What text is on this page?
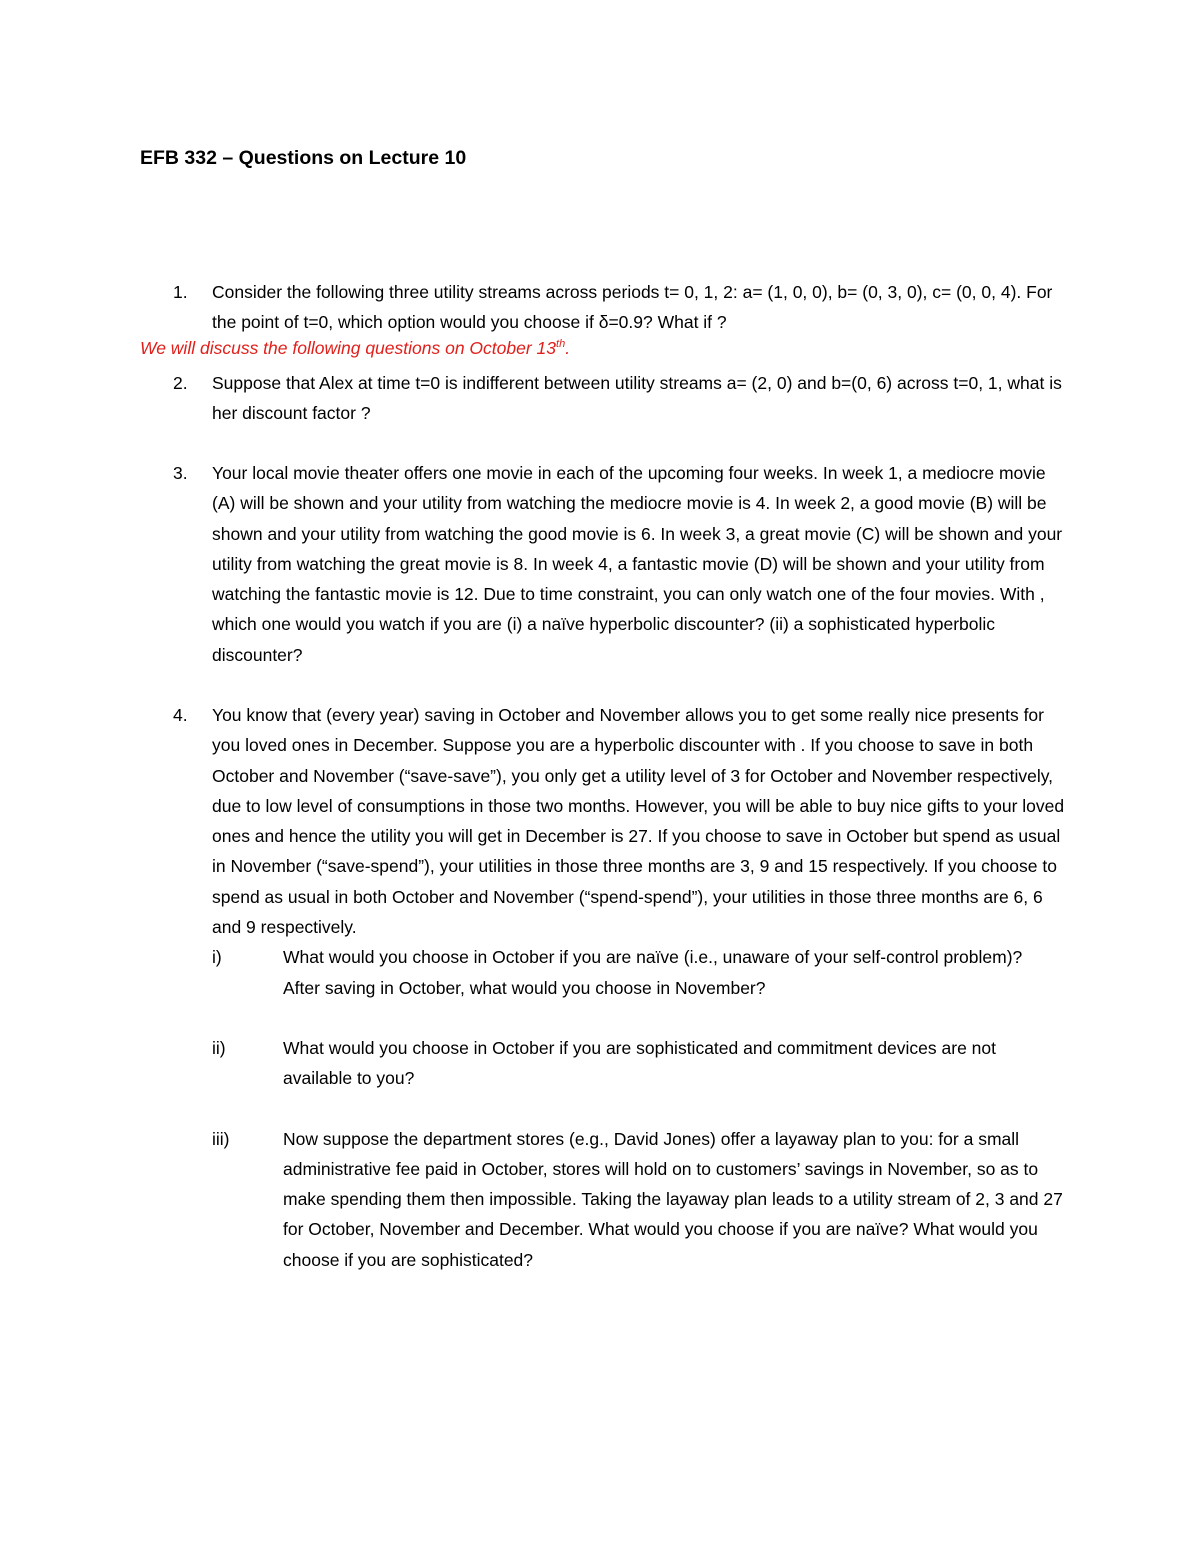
EFB 332 – Questions on Lecture 10
We will discuss the following questions on October 13th.
1.	Consider the following three utility streams across periods t= 0, 1, 2: a= (1, 0, 0), b= (0, 3, 0), c= (0, 0, 4). For the point of t=0, which option would you choose if δ=0.9? What if ?
2.	Suppose that Alex at time t=0 is indifferent between utility streams a= (2, 0) and b=(0, 6) across t=0, 1, what is her discount factor ?
3.	Your local movie theater offers one movie in each of the upcoming four weeks. In week 1, a mediocre movie (A) will be shown and your utility from watching the mediocre movie is 4. In week 2, a good movie (B) will be shown and your utility from watching the good movie is 6. In week 3, a great movie (C) will be shown and your utility from watching the great movie is 8. In week 4, a fantastic movie (D) will be shown and your utility from watching the fantastic movie is 12. Due to time constraint, you can only watch one of the four movies. With , which one would you watch if you are (i) a naïve hyperbolic discounter? (ii) a sophisticated hyperbolic discounter?
4.	You know that (every year) saving in October and November allows you to get some really nice presents for you loved ones in December. Suppose you are a hyperbolic discounter with . If you choose to save in both October and November (“save-save”), you only get a utility level of 3 for October and November respectively, due to low level of consumptions in those two months. However, you will be able to buy nice gifts to your loved ones and hence the utility you will get in December is 27. If you choose to save in October but spend as usual in November (“save-spend”), your utilities in those three months are 3, 9 and 15 respectively. If you choose to spend as usual in both October and November (“spend-spend”), your utilities in those three months are 6, 6 and 9 respectively.
i)	What would you choose in October if you are naïve (i.e., unaware of your self-control problem)? After saving in October, what would you choose in November?
ii)	What would you choose in October if you are sophisticated and commitment devices are not available to you?
iii)	Now suppose the department stores (e.g., David Jones) offer a layaway plan to you: for a small administrative fee paid in October, stores will hold on to customers’ savings in November, so as to make spending them then impossible. Taking the layaway plan leads to a utility stream of 2, 3 and 27 for October, November and December. What would you choose if you are naïve? What would you choose if you are sophisticated?
